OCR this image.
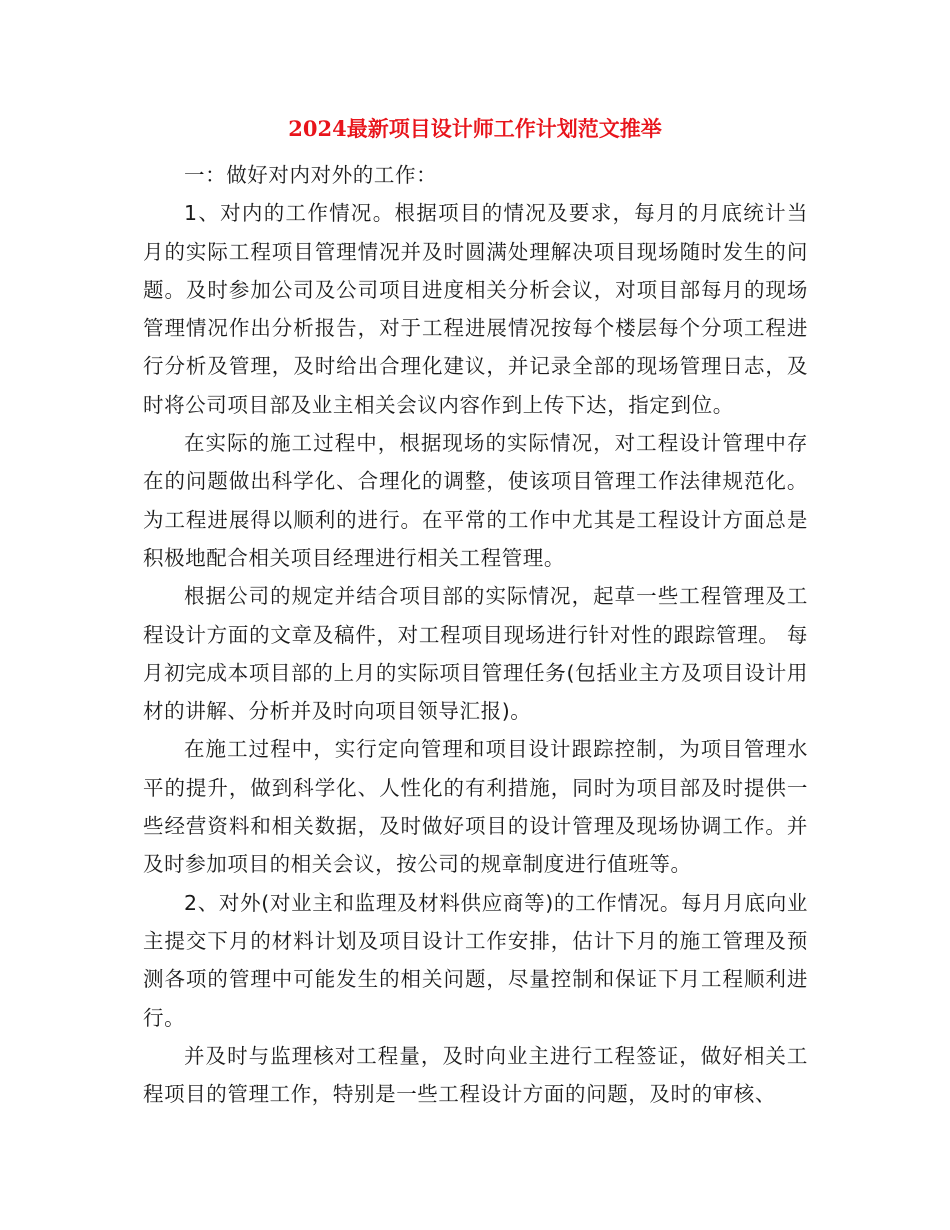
2024最新项目设计师工作计划范文推举

一：做好对内对外的工作：

1、对内的工作情况。根据项目的情况及要求，每月的月底统计当月的实际工程项目管理情况并及时圆满处理解决项目现场随时发生的问题。及时参加公司及公司项目进度相关分析会议，对项目部每月的现场管理情况作出分析报告，对于工程进展情况按每个楼层每个分项工程进行分析及管理，及时给出合理化建议，并记录全部的现场管理日志，及时将公司项目部及业主相关会议内容作到上传下达，指定到位。

在实际的施工过程中，根据现场的实际情况，对工程设计管理中存在的问题做出科学化、合理化的调整，使该项目管理工作法律规范化。为工程进展得以顺利的进行。在平常的工作中尤其是工程设计方面总是积极地配合相关项目经理进行相关工程管理。

根据公司的规定并结合项目部的实际情况，起草一些工程管理及工程设计方面的文章及稿件，对工程项目现场进行针对性的跟踪管理。 每月初完成本项目部的上月的实际项目管理任务(包括业主方及项目设计用材的讲解、分析并及时向项目领导汇报)。

在施工过程中，实行定向管理和项目设计跟踪控制，为项目管理水平的提升，做到科学化、人性化的有利措施，同时为项目部及时提供一些经营资料和相关数据，及时做好项目的设计管理及现场协调工作。并及时参加项目的相关会议，按公司的规章制度进行值班等。

2、对外(对业主和监理及材料供应商等)的工作情况。每月月底向业主提交下月的材料计划及项目设计工作安排，估计下月的施工管理及预测各项的管理中可能发生的相关问题，尽量控制和保证下月工程顺利进行。

并及时与监理核对工程量，及时向业主进行工程签证，做好相关工程项目的管理工作，特别是一些工程设计方面的问题，及时的审核、
